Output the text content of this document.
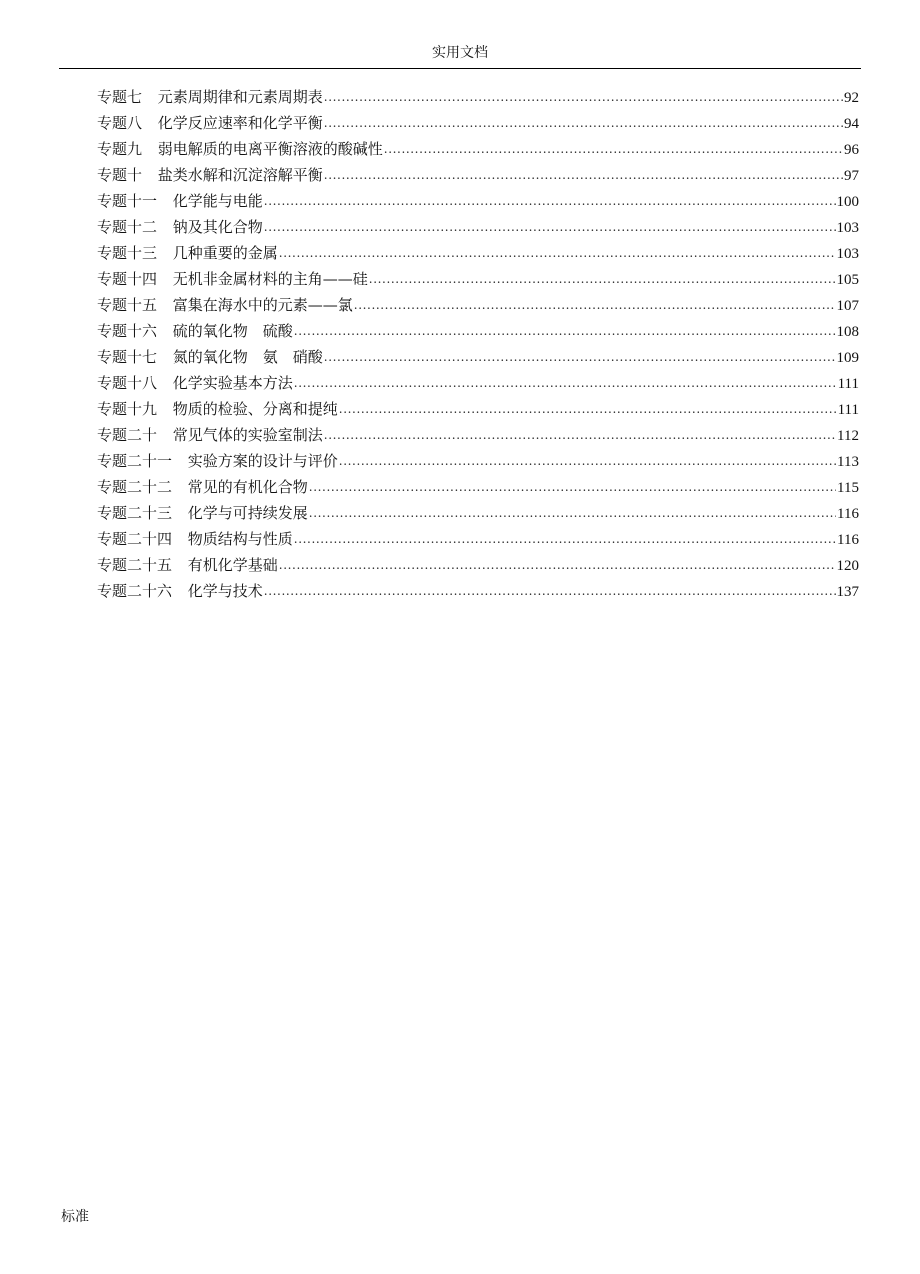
实用文档
专题七	元素周期律和元素周期表 .....	92
专题八	化学反应速率和化学平衡 .....	94
专题九	弱电解质的电离平衡溶液的酸碱性 .....	96
专题十	盐类水解和沉淀溶解平衡 .....	97
专题十一	化学能与电能 .....	100
专题十二	钠及其化合物 .....	103
专题十三	几种重要的金属 .....	103
专题十四	无机非金属材料的主角——硅 .....	105
专题十五	富集在海水中的元素——氯 .....	107
专题十六	硫的氧化物　硫酸 .....	108
专题十七	氮的氧化物　氨　硝酸 .....	109
专题十八	化学实验基本方法 .....	111
专题十九	物质的检验、分离和提纯 .....	111
专题二十	常见气体的实验室制法 .....	112
专题二十一	实验方案的设计与评价 .....	113
专题二十二	常见的有机化合物 .....	115
专题二十三	化学与可持续发展 .....	116
专题二十四	物质结构与性质 .....	116
专题二十五	有机化学基础 .....	120
专题二十六	化学与技术 .....	137
标准
